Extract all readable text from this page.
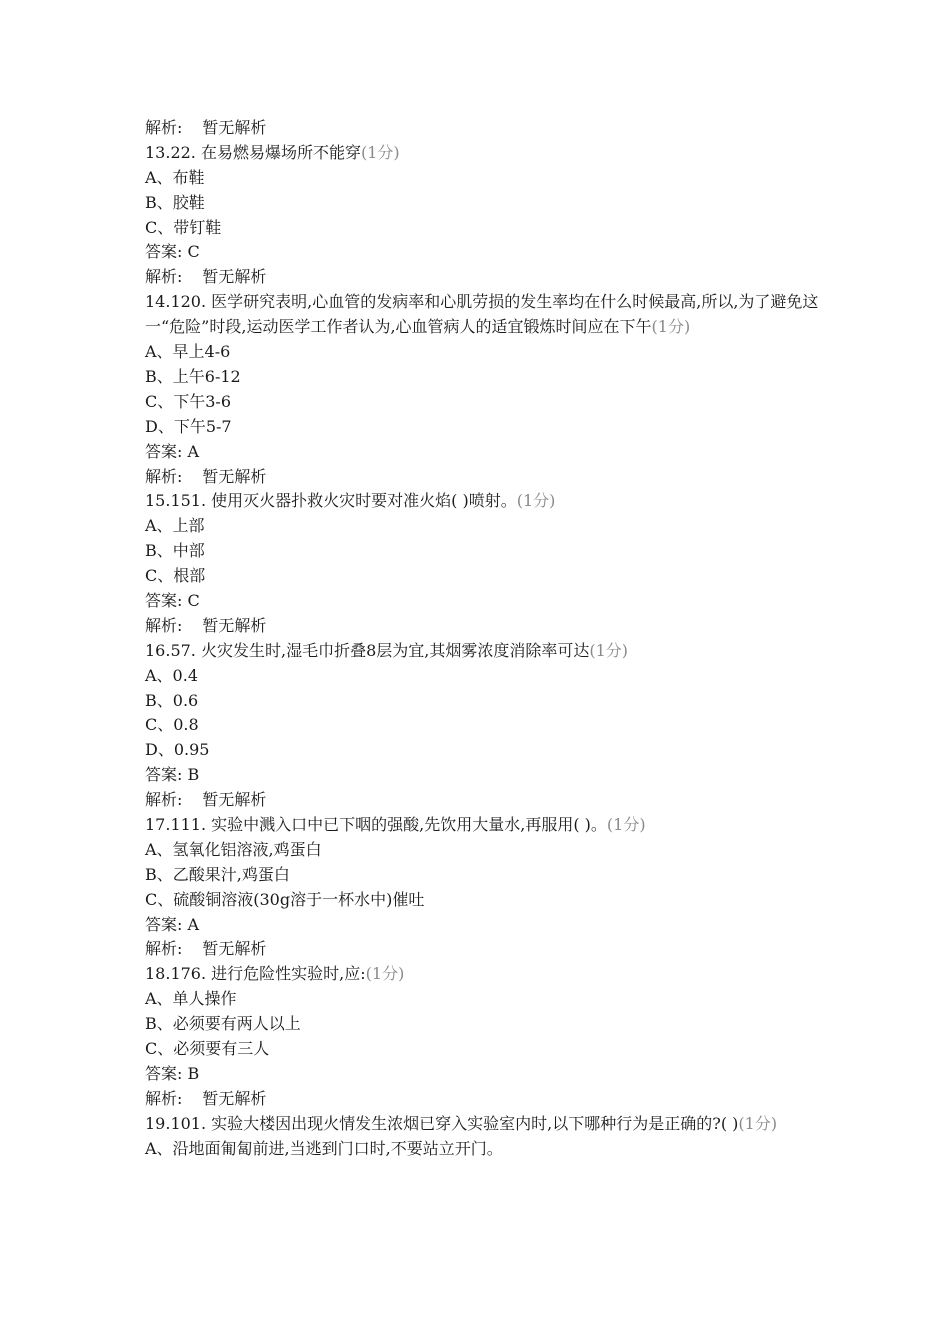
解析: 暂无解析
13.22. 在易燃易爆场所不能穿(1分)
A、布鞋
B、胶鞋
C、带钉鞋
答案: C
解析: 暂无解析
14.120. 医学研究表明,心血管的发病率和心肌劳损的发生率均在什么时候最高,所以,为了避免这一“危险”时段,运动医学工作者认为,心血管病人的适宜锻炼时间应在下午(1分)
A、早上4-6
B、上午6-12
C、下午3-6
D、下午5-7
答案: A
解析: 暂无解析
15.151. 使用灭火器扑救火灾时要对准火焰( )喷射。(1分)
A、上部
B、中部
C、根部
答案: C
解析: 暂无解析
16.57. 火灾发生时,湿毛巾折叠8层为宜,其烟雾浓度消除率可达(1分)
A、0.4
B、0.6
C、0.8
D、0.95
答案: B
解析: 暂无解析
17.111. 实验中溅入口中已下咽的强酸,先饮用大量水,再服用( )。(1分)
A、氢氧化铝溶液,鸡蛋白
B、乙酸果汁,鸡蛋白
C、硫酸铜溶液(30g溶于一杯水中)催吐
答案: A
解析: 暂无解析
18.176. 进行危险性实验时,应:(1分)
A、单人操作
B、必须要有两人以上
C、必须要有三人
答案: B
解析: 暂无解析
19.101. 实验大楼因出现火情发生浓烟已穿入实验室内时,以下哪种行为是正确的?( )(1分)
A、沿地面匍匐前进,当逃到门口时,不要站立开门。
